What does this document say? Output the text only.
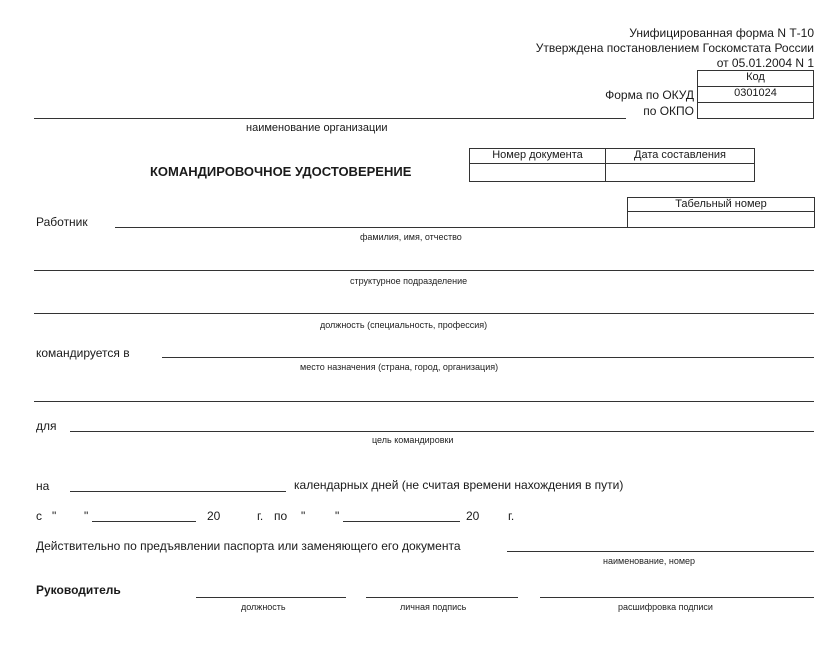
Унифицированная форма N Т-10
Утверждена постановлением Госкомстата России
от 05.01.2004 N 1
Код
Форма по ОКУД	0301024
по ОКПО
наименование организации
КОМАНДИРОВОЧНОЕ УДОСТОВЕРЕНИЕ
Номер документа	Дата составления
Табельный номер
Работник
фамилия, имя, отчество
структурное подразделение
должность (специальность, профессия)
командируется в
место назначения (страна, город, организация)
для
цель командировки
на	календарных дней (не считая времени нахождения в пути)
с " "	20	г. по " "	20 г.
Действительно по предъявлении паспорта или заменяющего его документа
наименование, номер
Руководитель
должность	личная подпись	расшифровка подписи
